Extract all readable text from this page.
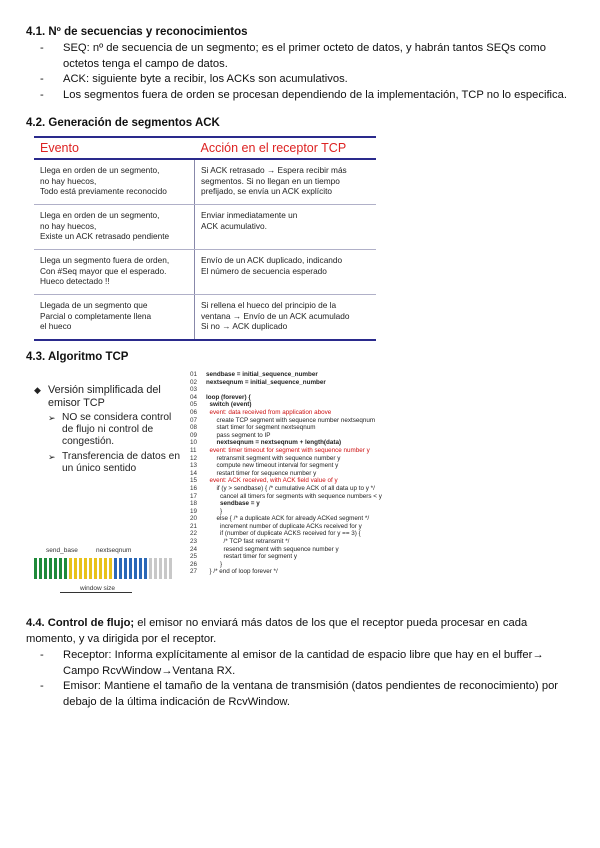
4.1. Nº de secuencias y reconocimientos
- SEQ: nº de secuencia de un segmento; es el primer octeto de datos, y habrán tantos SEQs como octetos tenga el campo de datos.
- ACK: siguiente byte a recibir, los ACKs son acumulativos.
- Los segmentos fuera de orden se procesan dependiendo de la implementación, TCP no lo especifica.
4.2. Generación de segmentos ACK
Evento	Acción en el receptor TCP
Llega en orden de un segmento,
no hay huecos,
Todo está previamente reconocido	Si ACK retrasado → Espera recibir más
segmentos. Si no llegan en un tiempo
prefijado, se envía un ACK explícito
Llega en orden de un segmento,
no hay huecos,
Existe un ACK retrasado pendiente	Enviar inmediatamente un
ACK acumulativo.
Llega un segmento fuera de orden,
Con #Seq mayor que el esperado.
Hueco detectado !!	Envío de un ACK duplicado, indicando
El número de secuencia esperado
Llegada de un segmento que
Parcial o completamente llena
el hueco	Si rellena el hueco del principio de la
ventana → Envío de un ACK acumulado
Si no → ACK duplicado
4.3. Algoritmo TCP
◆ Versión simplificada del emisor TCP
➢ NO se considera control de flujo ni control de congestión.
➢ Transferencia de datos en un único sentido
send_base	nextseqnum
window size
01	sendbase = initial_sequence_number
02	nextseqnum = initial_sequence_number
03
04	loop (forever) {
05	switch (event)
06	event: data received from application above
07	create TCP segment with sequence number nextseqnum
08	start timer for segment nextseqnum
09	pass segment to IP
10	nextseqnum = nextseqnum + length(data)
11	event: timer timeout for segment with sequence number y
12	retransmit segment with sequence number y
13	compute new timeout interval for segment y
14	restart timer for sequence number y
15	event: ACK received, with ACK field value of y
16	if (y > sendbase) { /* cumulative ACK of all data up to y */
17	cancel all timers for segments with sequence numbers < y
18	sendbase = y
19	}
20	else { /* a duplicate ACK for already ACKed segment */
21	increment number of duplicate ACKs received for y
22	if (number of duplicate ACKS received for y == 3) {
23	/* TCP fast retransmit */
24	resend segment with sequence number y
25	restart timer for segment y
26	}
27	} /* end of loop forever */
4.4. Control de flujo; el emisor no enviará más datos de los que el receptor pueda procesar en cada momento, y va dirigida por el receptor.
- Receptor: Informa explícitamente al emisor de la cantidad de espacio libre que hay en el buffer→ Campo RcvWindow→Ventana RX.
- Emisor: Mantiene el tamaño de la ventana de transmisión (datos pendientes de reconocimiento) por debajo de la última indicación de RcvWindow.
